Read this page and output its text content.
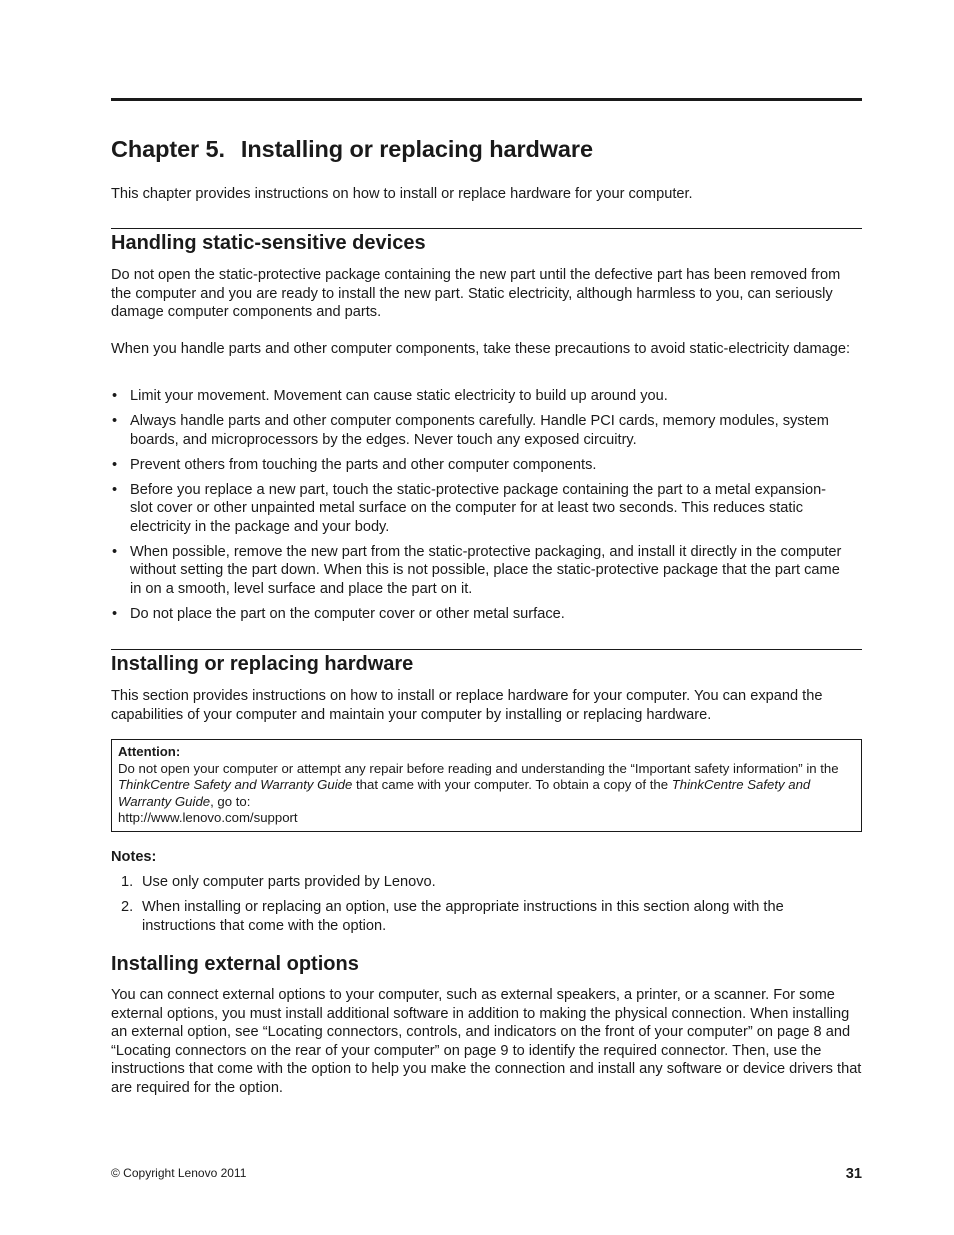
Chapter 5. Installing or replacing hardware

This chapter provides instructions on how to install or replace hardware for your computer.

Handling static-sensitive devices

Do not open the static-protective package containing the new part until the defective part has been removed from the computer and you are ready to install the new part. Static electricity, although harmless to you, can seriously damage computer components and parts.

When you handle parts and other computer components, take these precautions to avoid static-electricity damage:

• Limit your movement. Movement can cause static electricity to build up around you.
• Always handle parts and other computer components carefully. Handle PCI cards, memory modules, system boards, and microprocessors by the edges. Never touch any exposed circuitry.
• Prevent others from touching the parts and other computer components.
• Before you replace a new part, touch the static-protective package containing the part to a metal expansion-slot cover or other unpainted metal surface on the computer for at least two seconds. This reduces static electricity in the package and your body.
• When possible, remove the new part from the static-protective packaging, and install it directly in the computer without setting the part down. When this is not possible, place the static-protective package that the part came in on a smooth, level surface and place the part on it.
• Do not place the part on the computer cover or other metal surface.
Installing or replacing hardware

This section provides instructions on how to install or replace hardware for your computer. You can expand the capabilities of your computer and maintain your computer by installing or replacing hardware.

Attention:
Do not open your computer or attempt any repair before reading and understanding the “Important safety information” in the ThinkCentre Safety and Warranty Guide that came with your computer. To obtain a copy of the ThinkCentre Safety and Warranty Guide, go to:
http://www.lenovo.com/support
Notes:
1. Use only computer parts provided by Lenovo.
2. When installing or replacing an option, use the appropriate instructions in this section along with the instructions that come with the option.
Installing external options

You can connect external options to your computer, such as external speakers, a printer, or a scanner. For some external options, you must install additional software in addition to making the physical connection. When installing an external option, see “Locating connectors, controls, and indicators on the front of your computer” on page 8 and “Locating connectors on the rear of your computer” on page 9 to identify the required connector. Then, use the instructions that come with the option to help you make the connection and install any software or device drivers that are required for the option.

© Copyright Lenovo 2011	31
